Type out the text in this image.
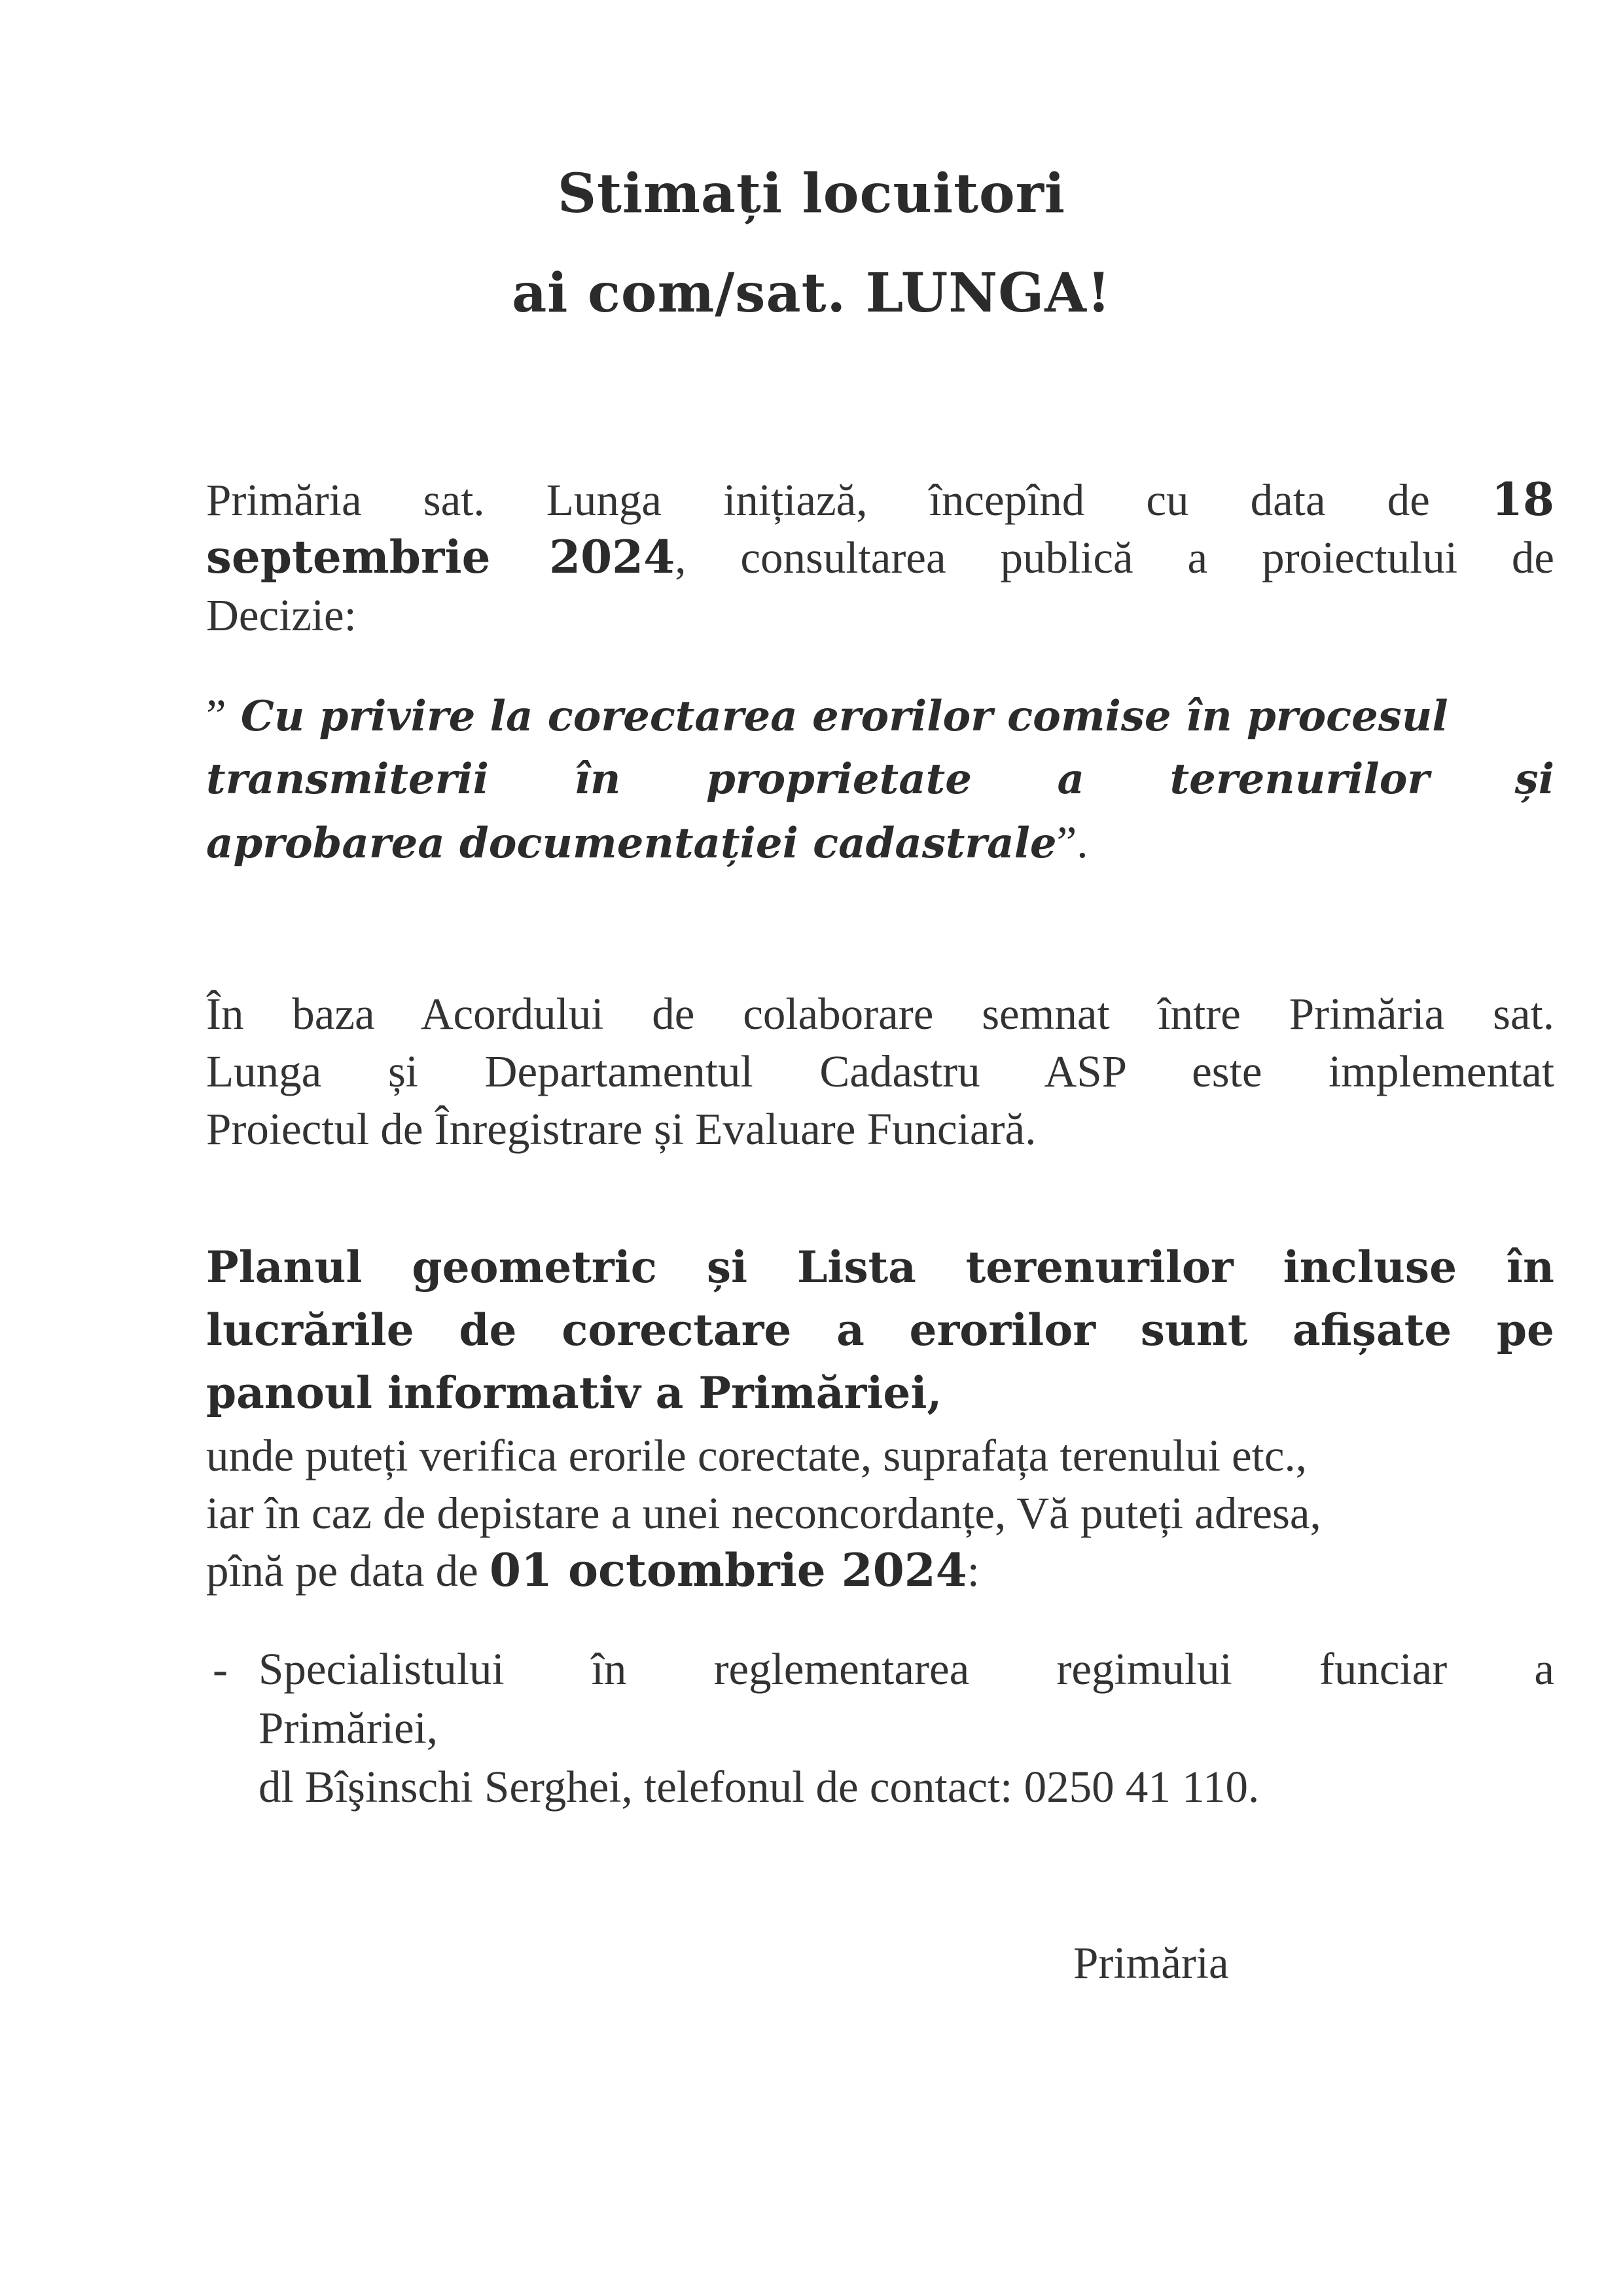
Stimați locuitori
ai com/sat. LUNGA!
Primăria sat. Lunga inițiază, începînd cu data de 18
septembrie 2024, consultarea publică a proiectului de
Decizie:
” Cu privire la corectarea erorilor comise în procesul
transmiterii în proprietate a terenurilor și
aprobarea documentației cadastrale”.
În baza Acordului de colaborare semnat între Primăria sat.
Lunga și Departamentul Cadastru ASP este implementat
Proiectul de Înregistrare și Evaluare Funciară.
Planul geometric și Lista terenurilor incluse în
lucrările de corectare a erorilor sunt afișate pe
panoul informativ a Primăriei,
unde puteți verifica erorile corectate, suprafața terenului etc.,
iar în caz de depistare a unei neconcordanțe, Vă puteți adresa,
pînă pe data de 01 octombrie 2024:
- Specialistului în reglementarea regimului funciar a
Primăriei,
dl Bîşinschi Serghei, telefonul de contact: 0250 41 110.
Primăria
